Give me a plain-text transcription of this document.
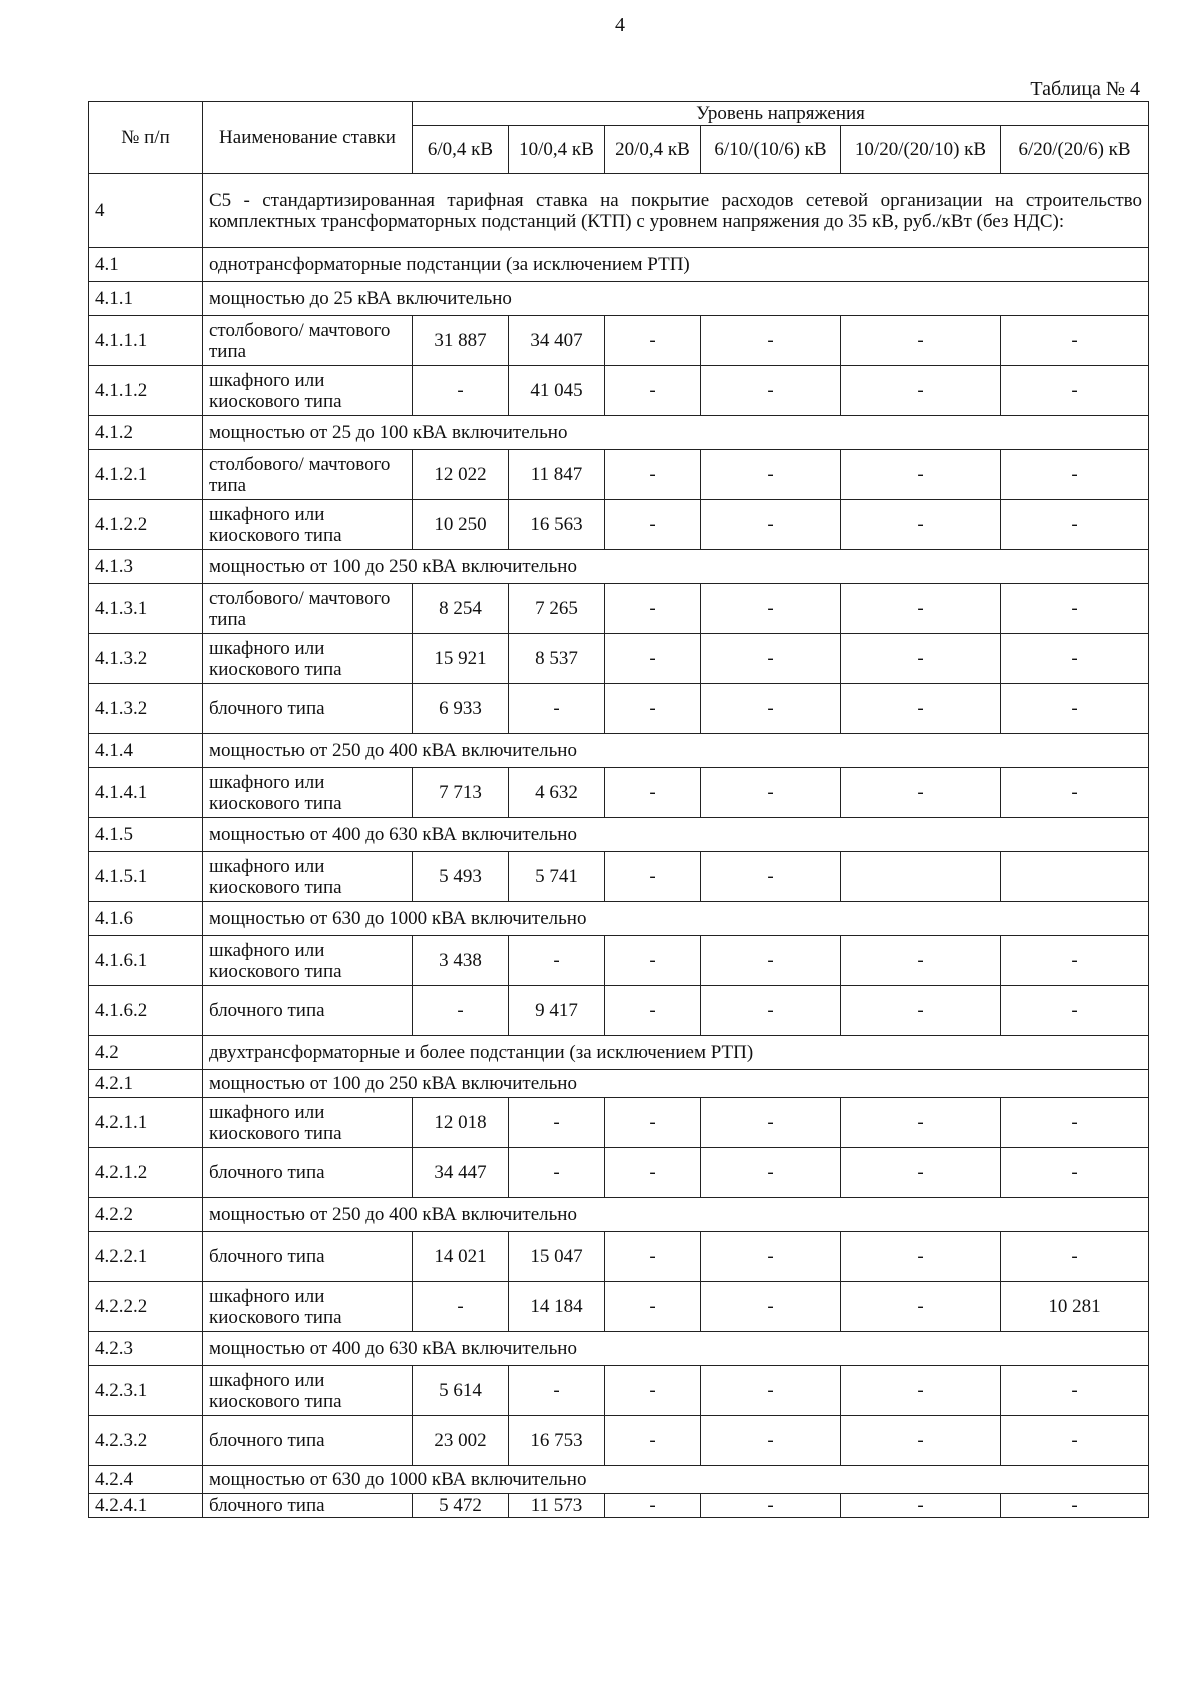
4
Таблица № 4
№ п/п	Наименование ставки	Уровень напряжения					
		6/0,4 кВ	10/0,4 кВ	20/0,4 кВ	6/10/(10/6) кВ	10/20/(20/10) кВ	6/20/(20/6) кВ
4	С5 - стандартизированная тарифная ставка на покрытие расходов сетевой организации на строительство комплектных трансформаторных подстанций (КТП) с уровнем напряжения до 35 кВ, руб./кВт (без НДС):						
4.1	однотрансформаторные подстанции (за исключением РТП)						
4.1.1	мощностью до 25 кВА включительно						
4.1.1.1	столбового/ мачтового типа	31 887	34 407	-	-	-	-
4.1.1.2	шкафного или киоскового типа	-	41 045	-	-	-	-
4.1.2	мощностью от 25 до 100 кВА включительно						
4.1.2.1	столбового/ мачтового типа	12 022	11 847	-	-	-	-
4.1.2.2	шкафного или киоскового типа	10 250	16 563	-	-	-	-
4.1.3	мощностью от 100 до 250 кВА включительно						
4.1.3.1	столбового/ мачтового типа	8 254	7 265	-	-	-	-
4.1.3.2	шкафного или киоскового типа	15 921	8 537	-	-	-	-
4.1.3.2	блочного типа	6 933	-	-	-	-	-
4.1.4	мощностью от 250 до 400 кВА включительно						
4.1.4.1	шкафного или киоскового типа	7 713	4 632	-	-	-	-
4.1.5	мощностью от 400 до 630 кВА включительно						
4.1.5.1	шкафного или киоскового типа	5 493	5 741	-	-		
4.1.6	мощностью от 630 до 1000 кВА включительно						
4.1.6.1	шкафного или киоскового типа	3 438	-	-	-	-	-
4.1.6.2	блочного типа	-	9 417	-	-	-	-
4.2	двухтрансформаторные и более подстанции (за исключением РТП)						
4.2.1	мощностью от 100 до 250 кВА включительно						
4.2.1.1	шкафного или киоскового типа	12 018	-	-	-	-	-
4.2.1.2	блочного типа	34 447	-	-	-	-	-
4.2.2	мощностью от 250 до 400 кВА включительно						
4.2.2.1	блочного типа	14 021	15 047	-	-	-	-
4.2.2.2	шкафного или киоскового типа	-	14 184	-	-	-	10 281
4.2.3	мощностью от 400 до 630 кВА включительно						
4.2.3.1	шкафного или киоскового типа	5 614	-	-	-	-	-
4.2.3.2	блочного типа	23 002	16 753	-	-	-	-
4.2.4	мощностью от 630 до 1000 кВА включительно						
4.2.4.1	блочного типа	5 472	11 573	-	-	-	-
